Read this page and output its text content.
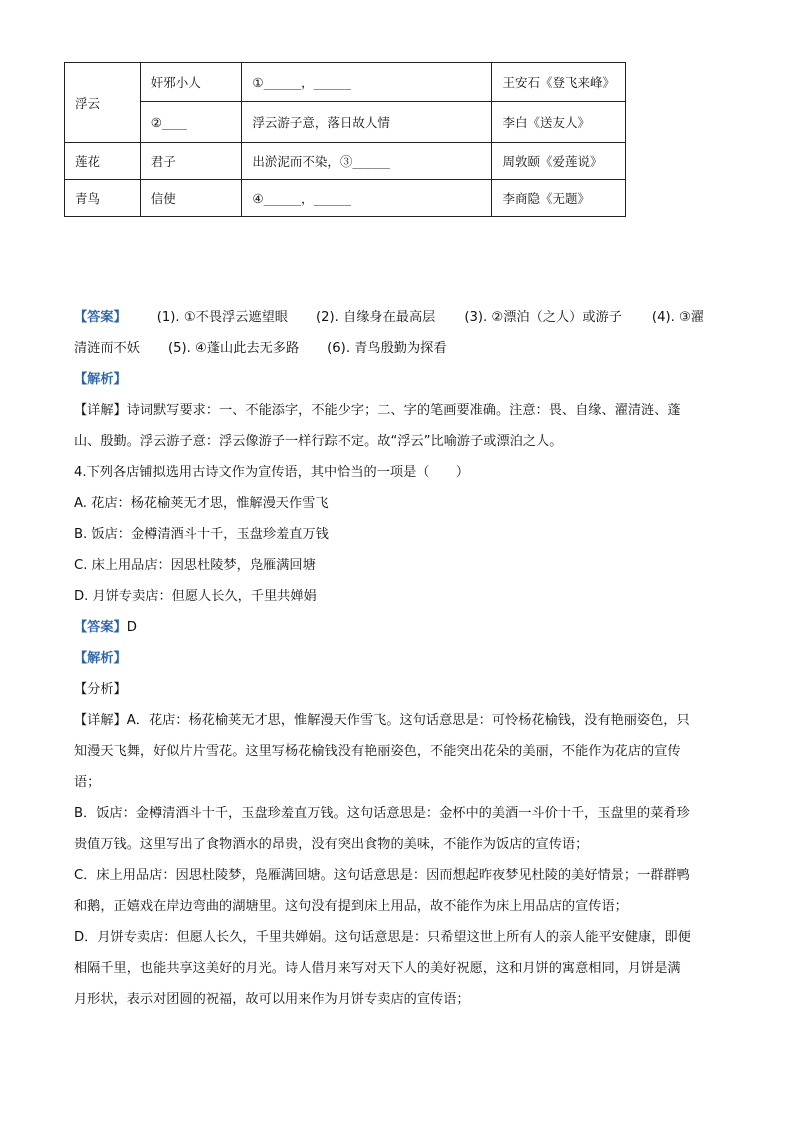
浮云	奸邪小人	①______，______	王安石《登飞来峰》
	②____	浮云游子意，落日故人情	李白《送友人》
莲花	君子	出淤泥而不染，③______	周敦颐《爱莲说》
青鸟	信使	④______，______	李商隐《无题》

【答案】 (1). ①不畏浮云遮望眼 (2). 自缘身在最高层 (3). ②漂泊（之人）或游子 (4). ③濯

清涟而不妖 (5). ④蓬山此去无多路 (6). 青鸟殷勤为探看

【解析】

【详解】诗词默写要求：一、不能添字，不能少字；二、字的笔画要准确。注意：畏、自缘、濯清涟、蓬

山、殷勤。浮云游子意：浮云像游子一样行踪不定。故“浮云”比喻游子或漂泊之人。

4.下列各店铺拟选用古诗文作为宣传语，其中恰当的一项是（　　）

A. 花店：杨花榆荚无才思，惟解漫天作雪飞

B. 饭店：金樽清酒斗十千，玉盘珍羞直万钱

C. 床上用品店：因思杜陵梦，凫雁满回塘

D. 月饼专卖店：但愿人长久，千里共婵娟

【答案】D

【解析】

【分析】

【详解】A．花店：杨花榆荚无才思，惟解漫天作雪飞。这句话意思是：可怜杨花榆钱，没有艳丽姿色，只

知漫天飞舞，好似片片雪花。这里写杨花榆钱没有艳丽姿色，不能突出花朵的美丽，不能作为花店的宣传

语；

B．饭店：金樽清酒斗十千，玉盘珍羞直万钱。这句话意思是：金杯中的美酒一斗价十千，玉盘里的菜肴珍

贵值万钱。这里写出了食物酒水的昂贵，没有突出食物的美味，不能作为饭店的宣传语；

C．床上用品店：因思杜陵梦，凫雁满回塘。这句话意思是：因而想起昨夜梦见杜陵的美好情景；一群群鸭

和鹅，正嬉戏在岸边弯曲的湖塘里。这句没有提到床上用品，故不能作为床上用品店的宣传语；

D．月饼专卖店：但愿人长久，千里共婵娟。这句话意思是：只希望这世上所有人的亲人能平安健康，即便

相隔千里，也能共享这美好的月光。诗人借月来写对天下人的美好祝愿，这和月饼的寓意相同，月饼是满

月形状，表示对团圆的祝福，故可以用来作为月饼专卖店的宣传语；
